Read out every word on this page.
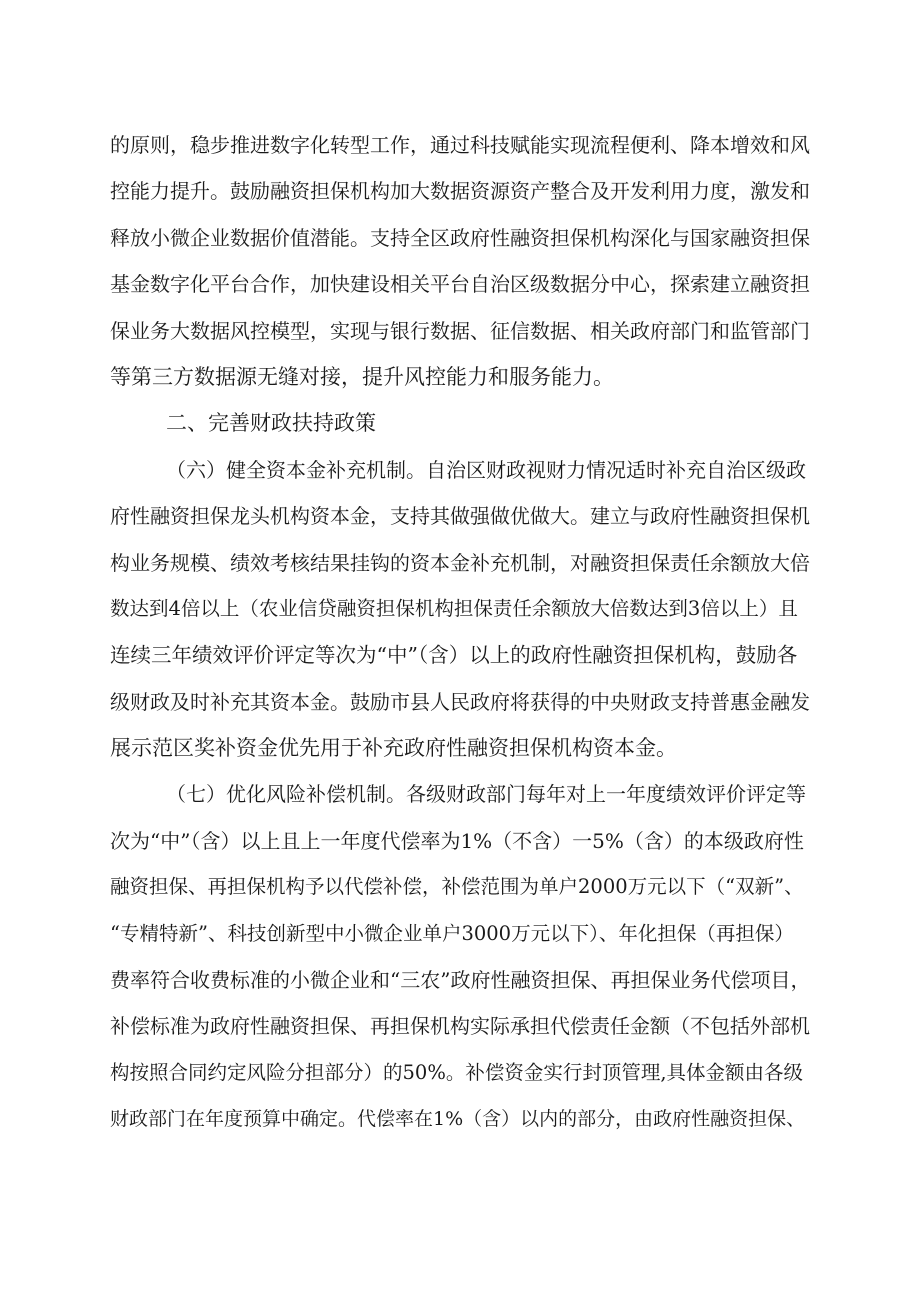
的原则，稳步推进数字化转型工作，通过科技赋能实现流程便利、降本增效和风
控能力提升。鼓励融资担保机构加大数据资源资产整合及开发利用力度，激发和
释放小微企业数据价值潜能。支持全区政府性融资担保机构深化与国家融资担保
基金数字化平台合作，加快建设相关平台自治区级数据分中心，探索建立融资担
保业务大数据风控模型，实现与银行数据、征信数据、相关政府部门和监管部门
等第三方数据源无缝对接，提升风控能力和服务能力。
二、完善财政扶持政策
（六）健全资本金补充机制。自治区财政视财力情况适时补充自治区级政
府性融资担保龙头机构资本金，支持其做强做优做大。建立与政府性融资担保机
构业务规模、绩效考核结果挂钩的资本金补充机制，对融资担保责任余额放大倍
数达到4倍以上（农业信贷融资担保机构担保责任余额放大倍数达到3倍以上）且
连续三年绩效评价评定等次为“中”（含）以上的政府性融资担保机构，鼓励各
级财政及时补充其资本金。鼓励市县人民政府将获得的中央财政支持普惠金融发
展示范区奖补资金优先用于补充政府性融资担保机构资本金。
（七）优化风险补偿机制。各级财政部门每年对上一年度绩效评价评定等
次为“中”（含）以上且上一年度代偿率为1%（不含）一5%（含）的本级政府性
融资担保、再担保机构予以代偿补偿，补偿范围为单户2000万元以下（“双新”、
“专精特新”、科技创新型中小微企业单户3000万元以下）、年化担保（再担保）
费率符合收费标准的小微企业和“三农”政府性融资担保、再担保业务代偿项目，
补偿标准为政府性融资担保、再担保机构实际承担代偿责任金额（不包括外部机
构按照合同约定风险分担部分）的50%。补偿资金实行封顶管理,具体金额由各级
财政部门在年度预算中确定。代偿率在1%（含）以内的部分，由政府性融资担保、
